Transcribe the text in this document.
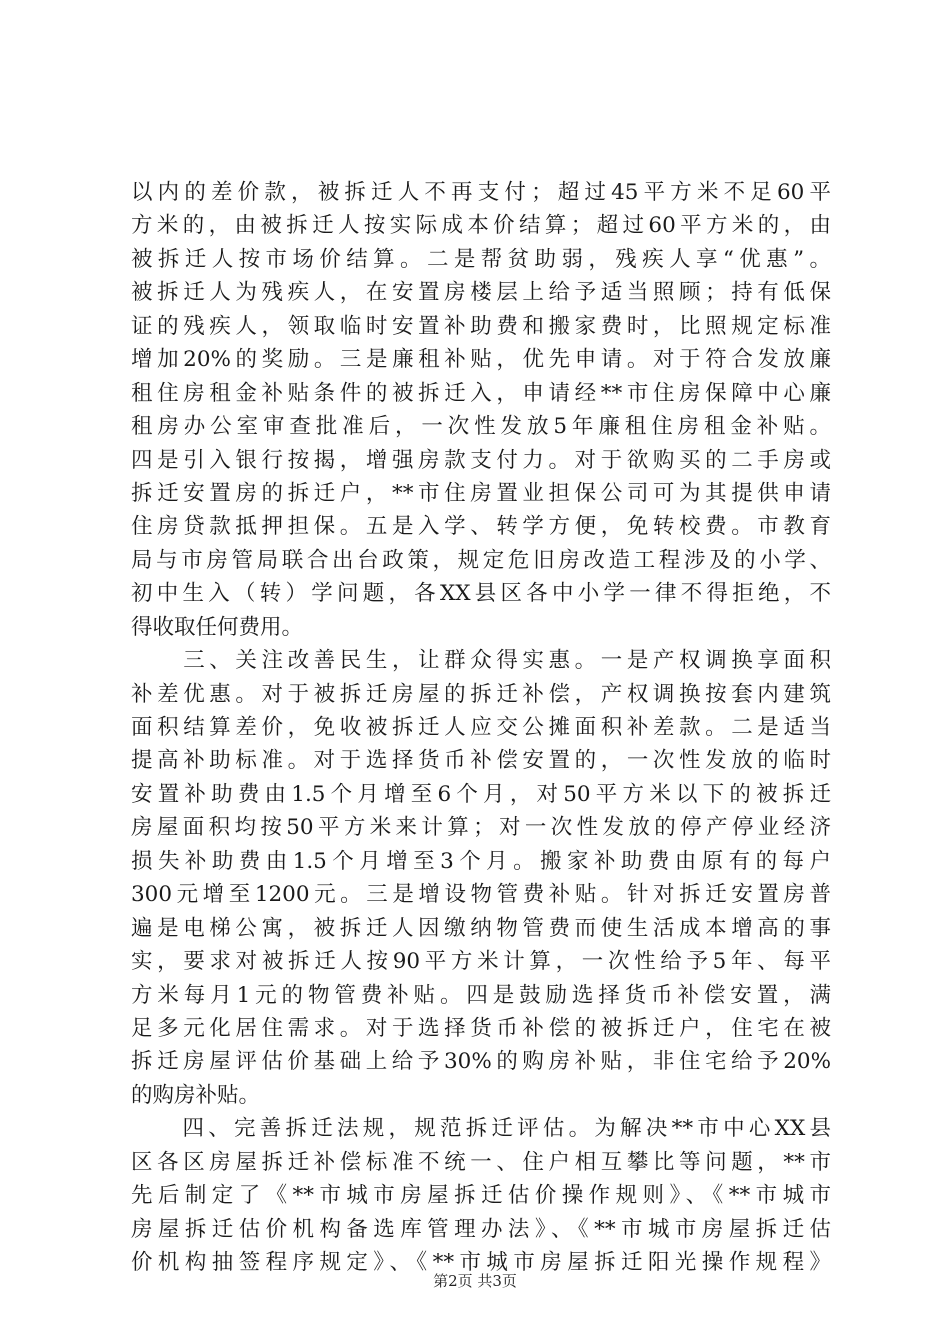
以内的差价款，被拆迁人不再支付；超过45平方米不足60平
方米的，由被拆迁人按实际成本价结算；超过60平方米的，由
被拆迁人按市场价结算。二是帮贫助弱，残疾人享“优惠”。
被拆迁人为残疾人，在安置房楼层上给予适当照顾；持有低保
证的残疾人，领取临时安置补助费和搬家费时，比照规定标准
增加20%的奖励。三是廉租补贴，优先申请。对于符合发放廉
租住房租金补贴条件的被拆迁入，申请经**市住房保障中心廉
租房办公室审查批准后，一次性发放5年廉租住房租金补贴。
四是引入银行按揭，增强房款支付力。对于欲购买的二手房或
拆迁安置房的拆迁户，**市住房置业担保公司可为其提供申请
住房贷款抵押担保。五是入学、转学方便，免转校费。市教育
局与市房管局联合出台政策，规定危旧房改造工程涉及的小学、
初中生入（转）学问题，各XX县区各中小学一律不得拒绝，不
得收取任何费用。
　　三、关注改善民生，让群众得实惠。一是产权调换享面积
补差优惠。对于被拆迁房屋的拆迁补偿，产权调换按套内建筑
面积结算差价，免收被拆迁人应交公摊面积补差款。二是适当
提高补助标准。对于选择货币补偿安置的，一次性发放的临时
安置补助费由1.5个月增至6个月，对50平方米以下的被拆迁
房屋面积均按50平方米来计算；对一次性发放的停产停业经济
损失补助费由1.5个月增至3个月。搬家补助费由原有的每户
300元增至1200元。三是增设物管费补贴。针对拆迁安置房普
遍是电梯公寓，被拆迁人因缴纳物管费而使生活成本增高的事
实，要求对被拆迁人按90平方米计算，一次性给予5年、每平
方米每月1元的物管费补贴。四是鼓励选择货币补偿安置，满
足多元化居住需求。对于选择货币补偿的被拆迁户，住宅在被
拆迁房屋评估价基础上给予30%的购房补贴，非住宅给予20%
的购房补贴。
　　四、完善拆迁法规，规范拆迁评估。为解决**市中心XX县
区各区房屋拆迁补偿标准不统一、住户相互攀比等问题，**市
先后制定了《**市城市房屋拆迁估价操作规则》、《**市城市
房屋拆迁估价机构备选库管理办法》、《**市城市房屋拆迁估
价机构抽签程序规定》、《**市城市房屋拆迁阳光操作规程》
第2页 共3页
